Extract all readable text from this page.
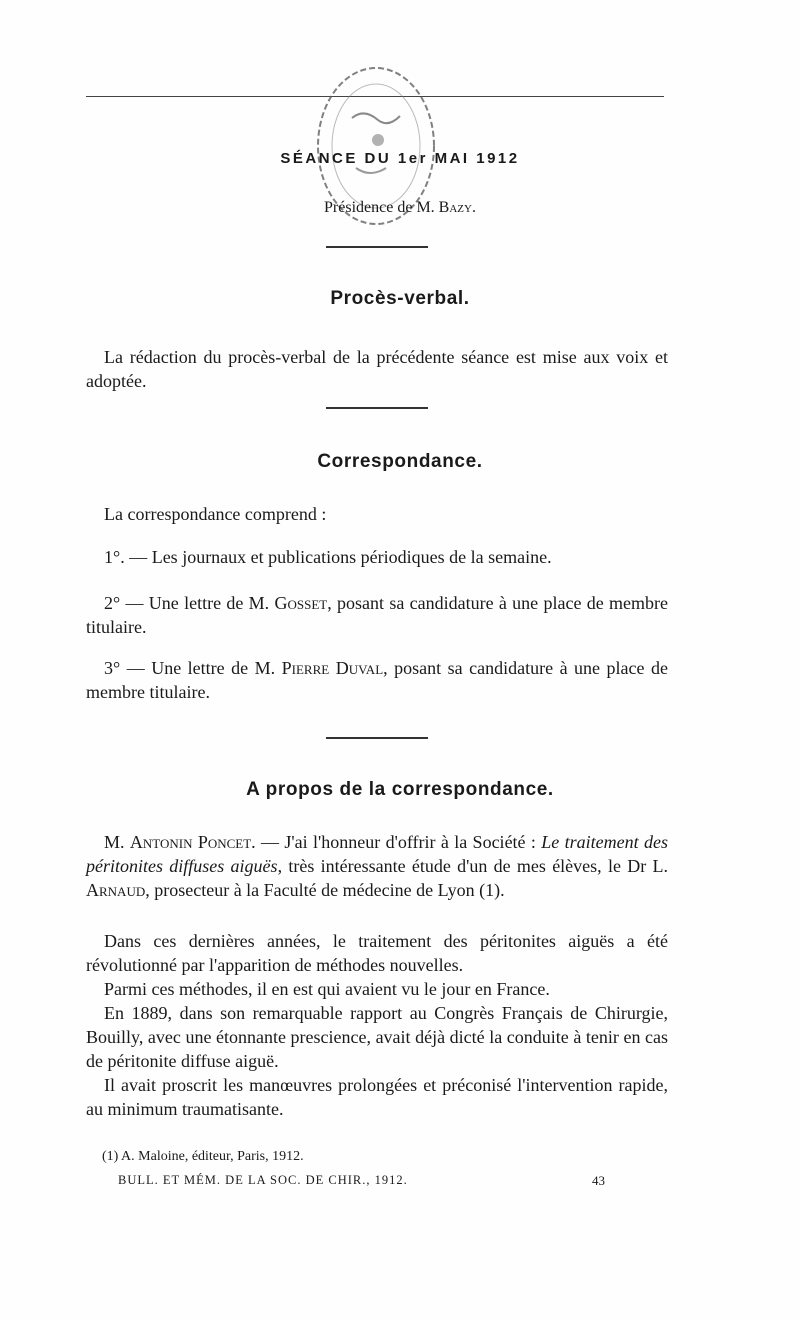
SÉANCE DU 1er MAI 1912
Présidence de M. Bazy.
Procès-verbal.
La rédaction du procès-verbal de la précédente séance est mise aux voix et adoptée.
Correspondance.
La correspondance comprend :
1°. — Les journaux et publications périodiques de la semaine.
2° — Une lettre de M. Gosset, posant sa candidature à une place de membre titulaire.
3° — Une lettre de M. Pierre Duval, posant sa candidature à une place de membre titulaire.
A propos de la correspondance.
M. Antonin Poncet. — J'ai l'honneur d'offrir à la Société : Le traitement des péritonites diffuses aiguës, très intéressante étude d'un de mes élèves, le Dr L. Arnaud, prosecteur à la Faculté de médecine de Lyon (1).
Dans ces dernières années, le traitement des péritonites aiguës a été révolutionné par l'apparition de méthodes nouvelles.
Parmi ces méthodes, il en est qui avaient vu le jour en France.
En 1889, dans son remarquable rapport au Congrès Français de Chirurgie, Bouilly, avec une étonnante prescience, avait déjà dicté la conduite à tenir en cas de péritonite diffuse aiguë.
Il avait proscrit les manœuvres prolongées et préconisé l'intervention rapide, au minimum traumatisante.
(1) A. Maloine, éditeur, Paris, 1912.
BULL. ET MÉM. DE LA SOC. DE CHIR., 1912.	43
